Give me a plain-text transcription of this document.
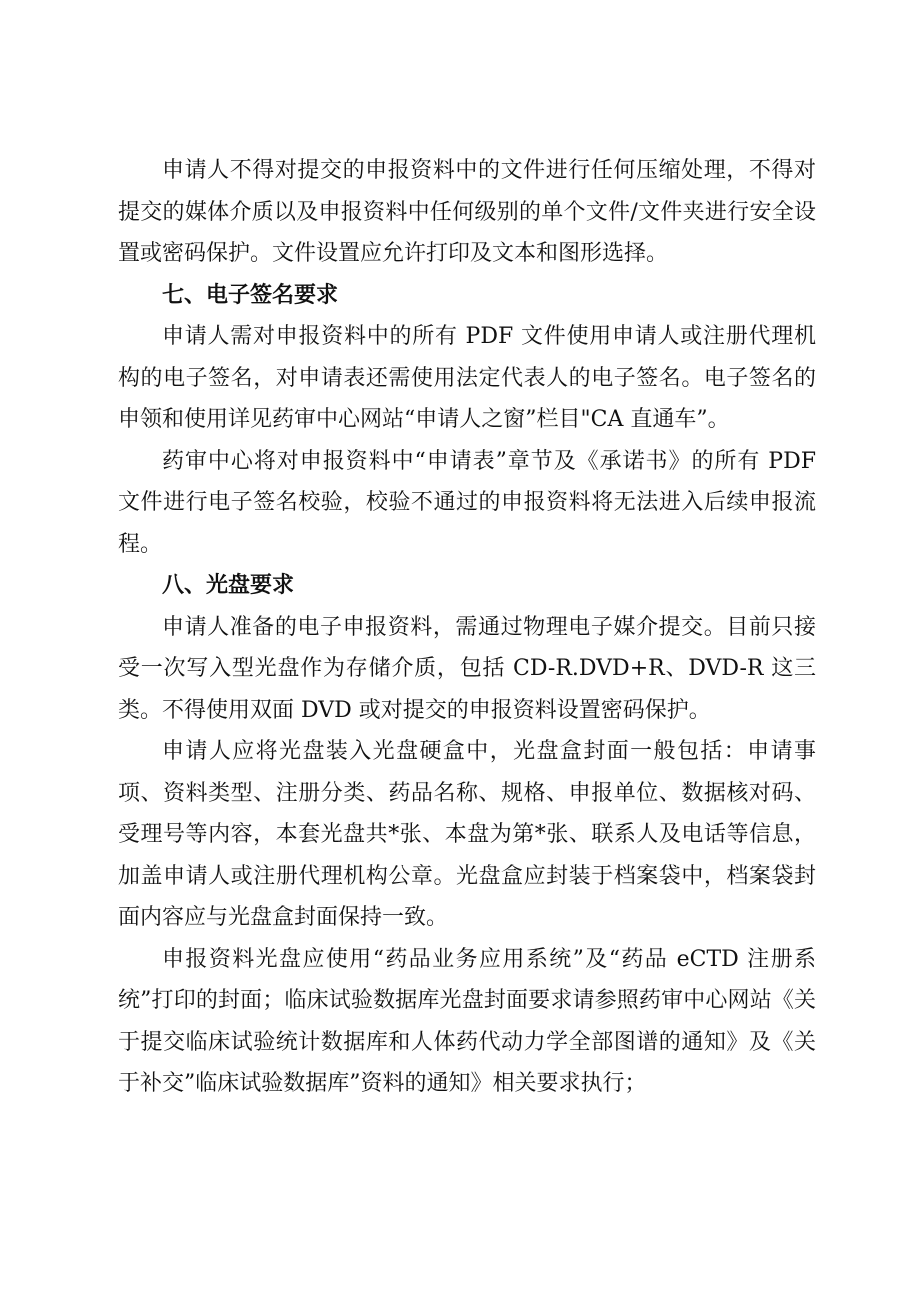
申请人不得对提交的申报资料中的文件进行任何压缩处理，不得对提交的媒体介质以及申报资料中任何级别的单个文件/文件夹进行安全设置或密码保护。文件设置应允许打印及文本和图形选择。

七、电子签名要求

申请人需对申报资料中的所有 PDF 文件使用申请人或注册代理机构的电子签名，对申请表还需使用法定代表人的电子签名。电子签名的申领和使用详见药审中心网站“申请人之窗”栏目"CA 直通车”。

药审中心将对申报资料中“申请表”章节及《承诺书》的所有 PDF 文件进行电子签名校验，校验不通过的申报资料将无法进入后续申报流程。

八、光盘要求

申请人准备的电子申报资料，需通过物理电子媒介提交。目前只接受一次写入型光盘作为存储介质，包括 CD-R.DVD+R、DVD-R 这三类。不得使用双面 DVD 或对提交的申报资料设置密码保护。

申请人应将光盘装入光盘硬盒中，光盘盒封面一般包括：申请事项、资料类型、注册分类、药品名称、规格、申报单位、数据核对码、受理号等内容，本套光盘共*张、本盘为第*张、联系人及电话等信息，加盖申请人或注册代理机构公章。光盘盒应封装于档案袋中，档案袋封面内容应与光盘盒封面保持一致。

申报资料光盘应使用“药品业务应用系统”及“药品 eCTD 注册系统”打印的封面；临床试验数据库光盘封面要求请参照药审中心网站《关于提交临床试验统计数据库和人体药代动力学全部图谱的通知》及《关于补交”临床试验数据库”资料的通知》相关要求执行；
